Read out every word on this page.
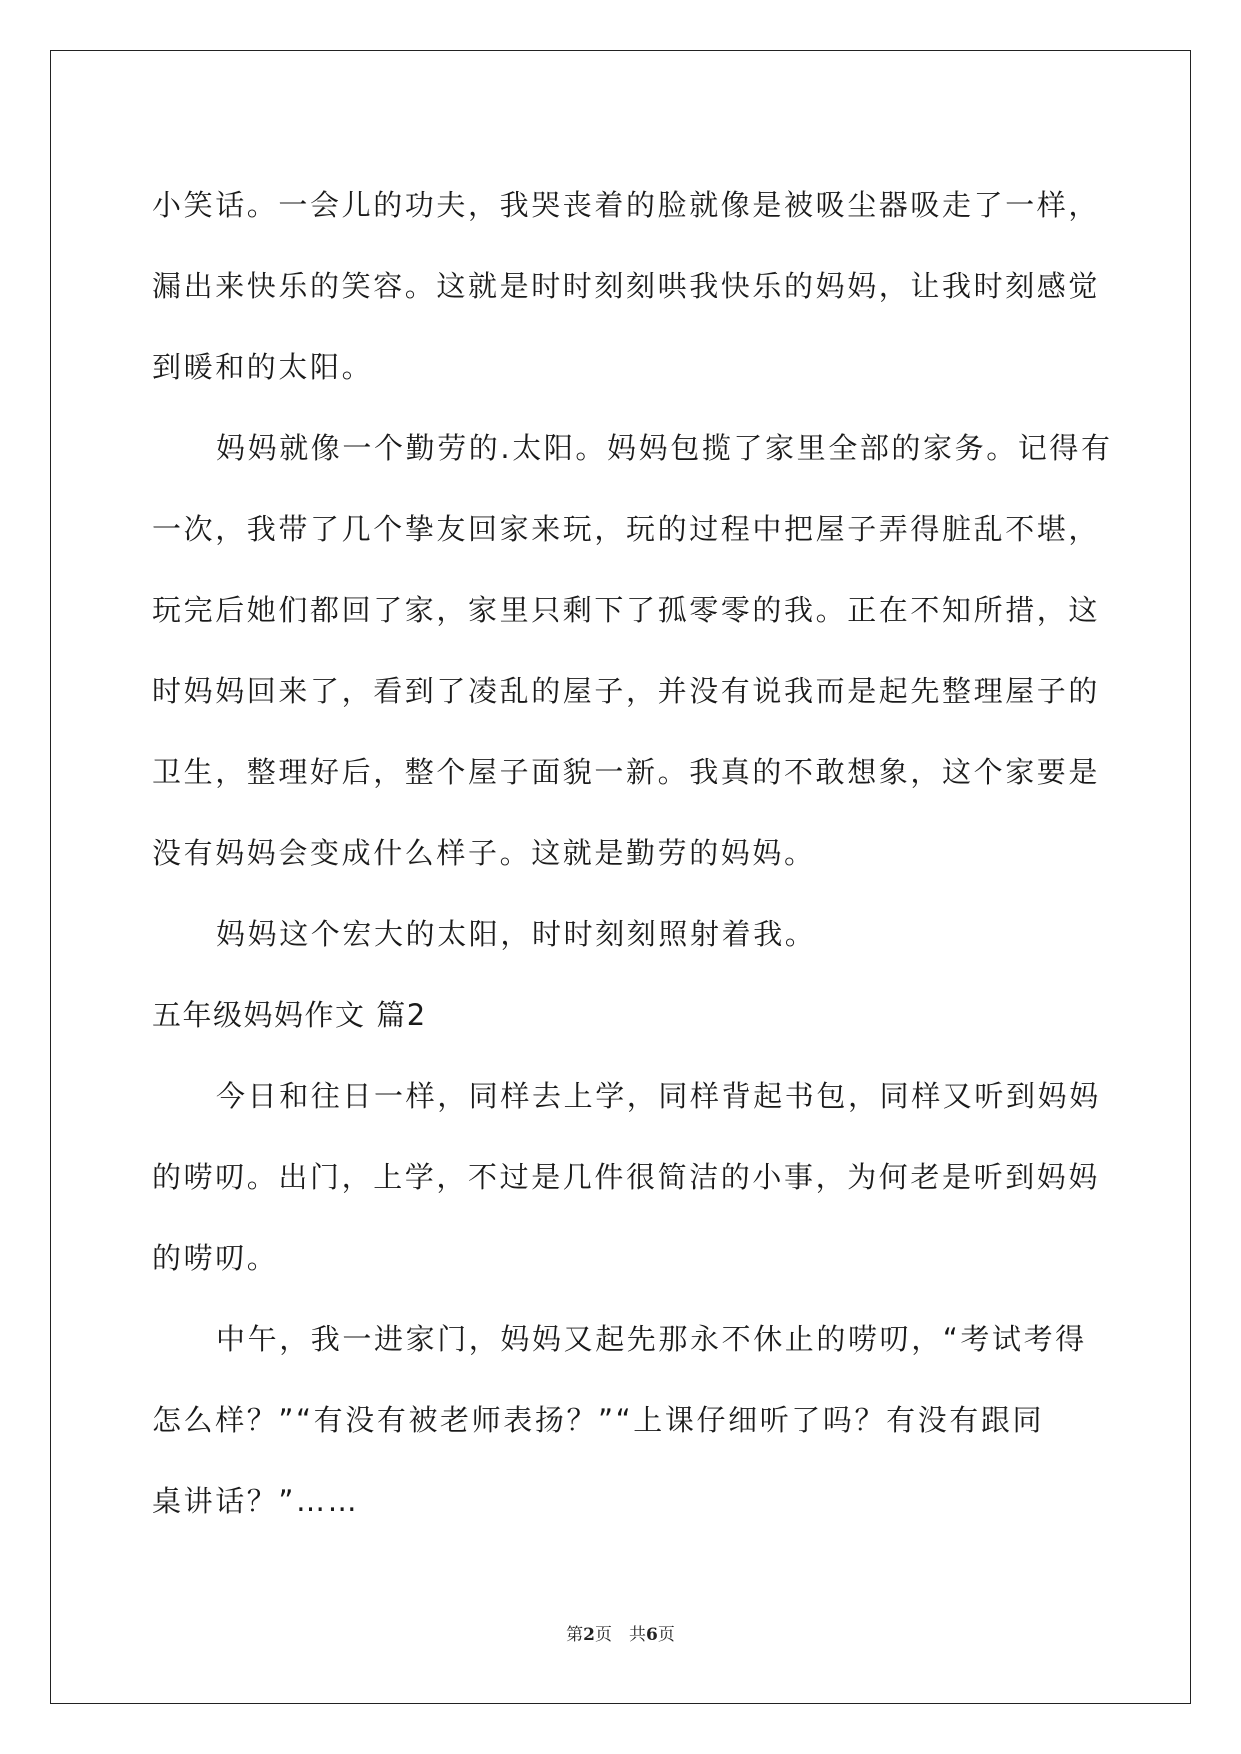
小笑话。一会儿的功夫，我哭丧着的脸就像是被吸尘器吸走了一样，
漏出来快乐的笑容。这就是时时刻刻哄我快乐的妈妈，让我时刻感觉
到暖和的太阳。
妈妈就像一个勤劳的.太阳。妈妈包揽了家里全部的家务。记得有
一次，我带了几个挚友回家来玩，玩的过程中把屋子弄得脏乱不堪，
玩完后她们都回了家，家里只剩下了孤零零的我。正在不知所措，这
时妈妈回来了，看到了凌乱的屋子，并没有说我而是起先整理屋子的
卫生，整理好后，整个屋子面貌一新。我真的不敢想象，这个家要是
没有妈妈会变成什么样子。这就是勤劳的妈妈。
妈妈这个宏大的太阳，时时刻刻照射着我。
五年级妈妈作文 篇2
今日和往日一样，同样去上学，同样背起书包，同样又听到妈妈
的唠叨。出门，上学，不过是几件很简洁的小事，为何老是听到妈妈
的唠叨。
中午，我一进家门，妈妈又起先那永不休止的唠叨，“考试考得
怎么样？”“有没有被老师表扬？”“上课仔细听了吗？有没有跟同
桌讲话？”……
第2页　共6页
